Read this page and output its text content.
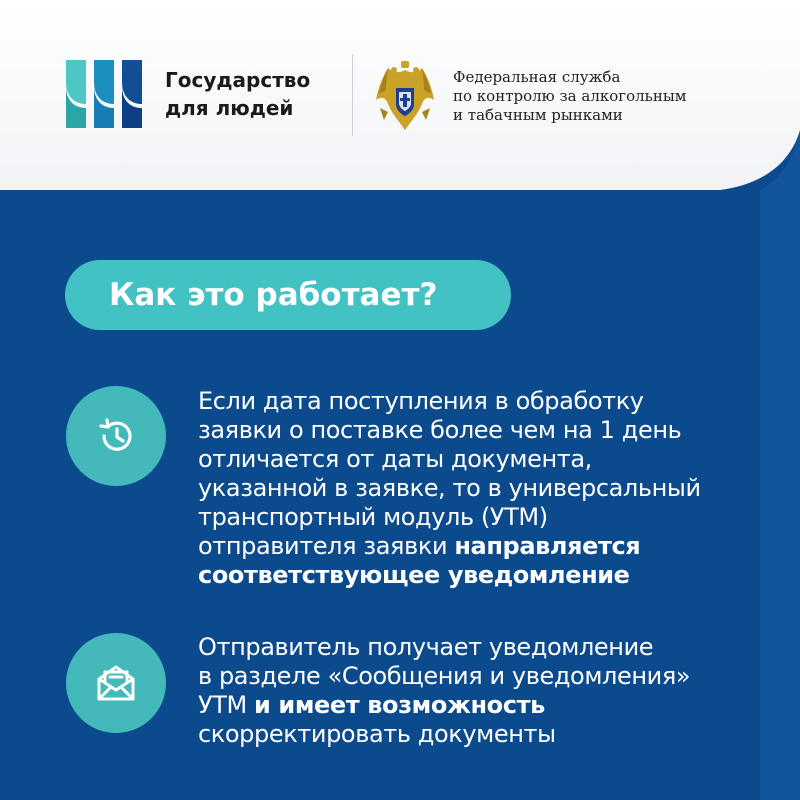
Государство
для людей
Федеральная служба
по контролю за алкогольным
и табачным рынками
Как это работает?
Если дата поступления в обработку
заявки о поставке более чем на 1 день
отличается от даты документа,
указанной в заявке, то в универсальный
транспортный модуль (УТМ)
отправителя заявки направляется
соответствующее уведомление
Отправитель получает уведомление
в разделе «Сообщения и уведомления»
УТМ и имеет возможность
скорректировать документы
